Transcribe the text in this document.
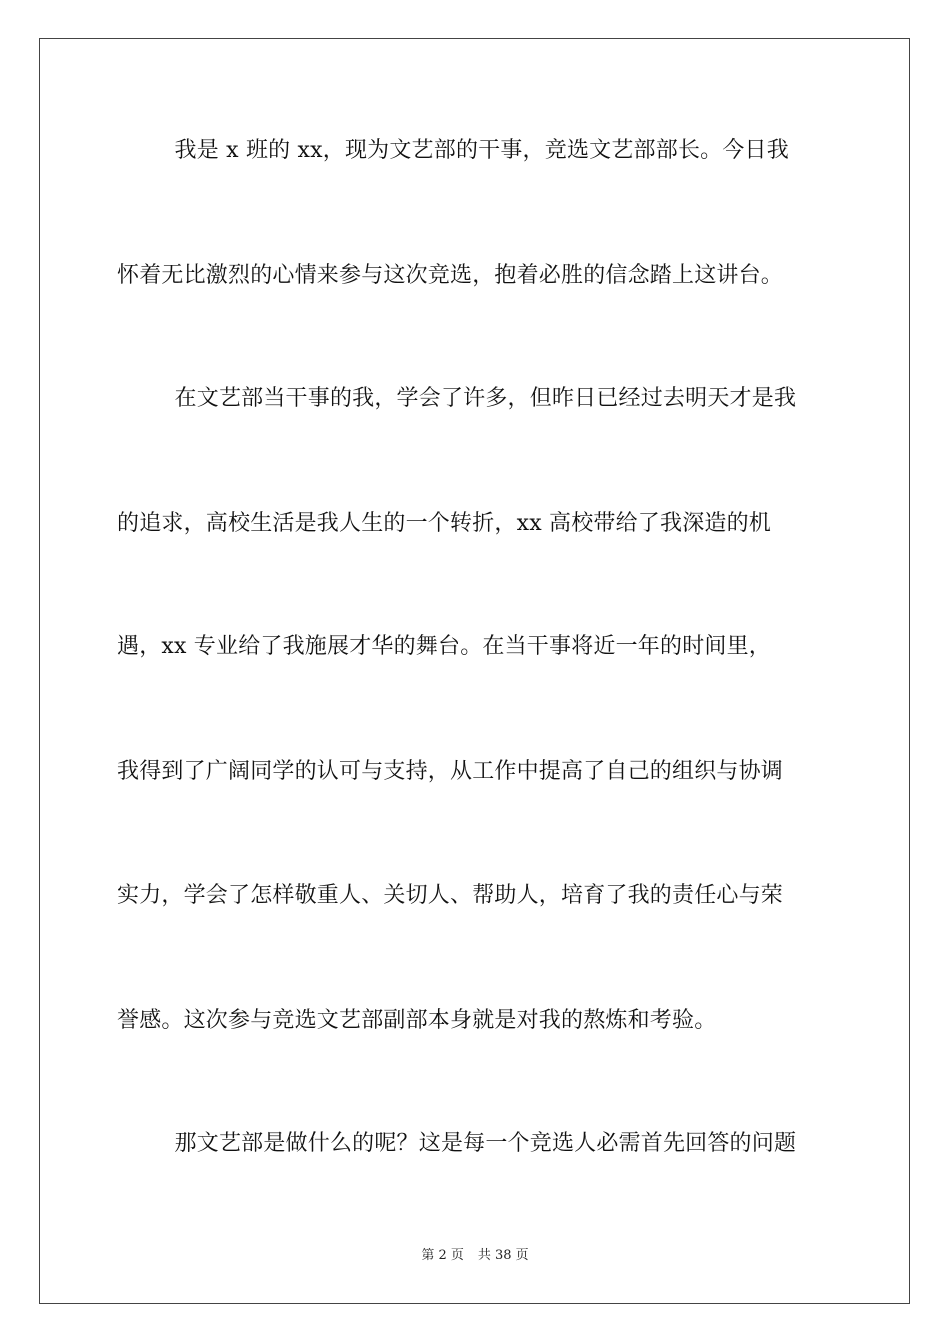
我是 x 班的 xx，现为文艺部的干事，竞选文艺部部长。今日我
怀着无比激烈的心情来参与这次竞选，抱着必胜的信念踏上这讲台。
在文艺部当干事的我，学会了许多，但昨日已经过去明天才是我
的追求，高校生活是我人生的一个转折，xx 高校带给了我深造的机
遇，xx 专业给了我施展才华的舞台。在当干事将近一年的时间里，
我得到了广阔同学的认可与支持，从工作中提高了自己的组织与协调
实力，学会了怎样敬重人、关切人、帮助人，培育了我的责任心与荣
誉感。这次参与竞选文艺部副部本身就是对我的熬炼和考验。
那文艺部是做什么的呢？这是每一个竞选人必需首先回答的问题
第 2 页 共 38 页
